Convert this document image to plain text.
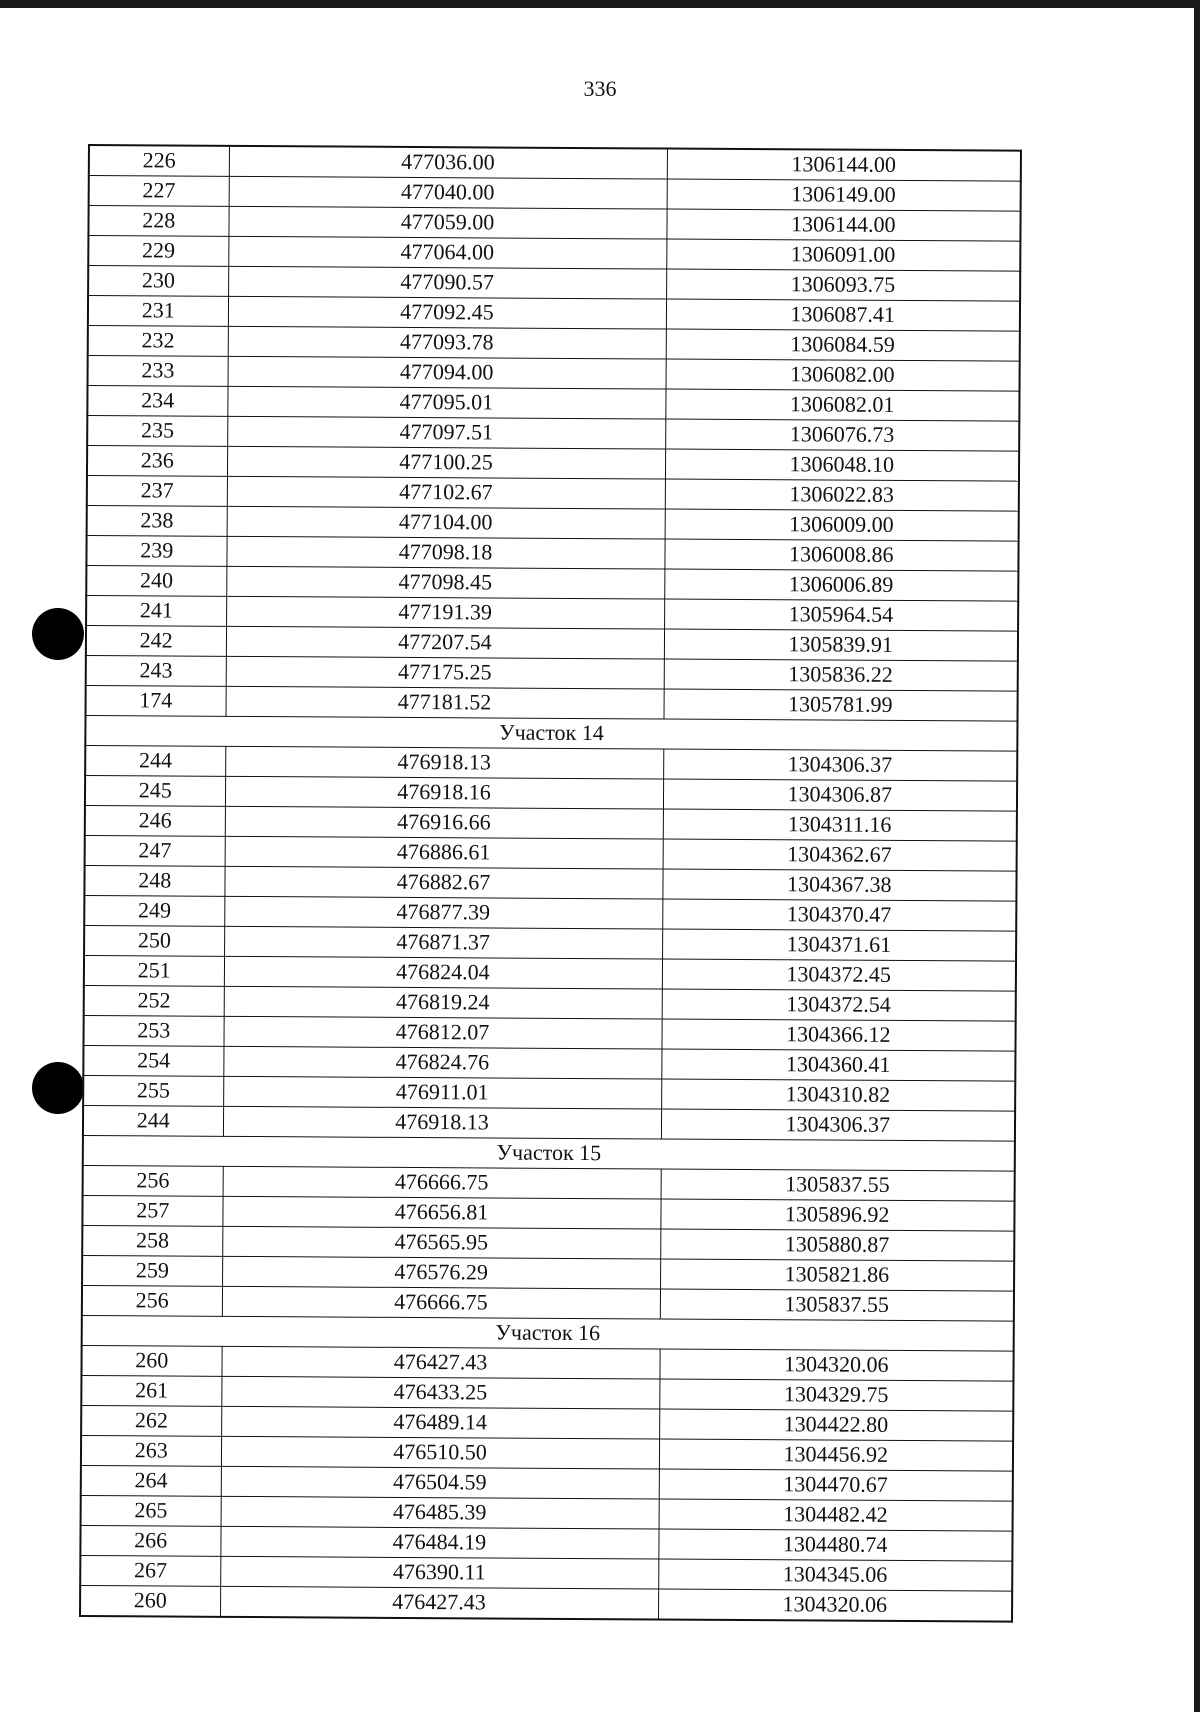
336
226	477036.00	1306144.00
227	477040.00	1306149.00
228	477059.00	1306144.00
229	477064.00	1306091.00
230	477090.57	1306093.75
231	477092.45	1306087.41
232	477093.78	1306084.59
233	477094.00	1306082.00
234	477095.01	1306082.01
235	477097.51	1306076.73
236	477100.25	1306048.10
237	477102.67	1306022.83
238	477104.00	1306009.00
239	477098.18	1306008.86
240	477098.45	1306006.89
241	477191.39	1305964.54
242	477207.54	1305839.91
243	477175.25	1305836.22
174	477181.52	1305781.99
Участок 14		
244	476918.13	1304306.37
245	476918.16	1304306.87
246	476916.66	1304311.16
247	476886.61	1304362.67
248	476882.67	1304367.38
249	476877.39	1304370.47
250	476871.37	1304371.61
251	476824.04	1304372.45
252	476819.24	1304372.54
253	476812.07	1304366.12
254	476824.76	1304360.41
255	476911.01	1304310.82
244	476918.13	1304306.37
Участок 15		
256	476666.75	1305837.55
257	476656.81	1305896.92
258	476565.95	1305880.87
259	476576.29	1305821.86
256	476666.75	1305837.55
Участок 16		
260	476427.43	1304320.06
261	476433.25	1304329.75
262	476489.14	1304422.80
263	476510.50	1304456.92
264	476504.59	1304470.67
265	476485.39	1304482.42
266	476484.19	1304480.74
267	476390.11	1304345.06
260	476427.43	1304320.06
